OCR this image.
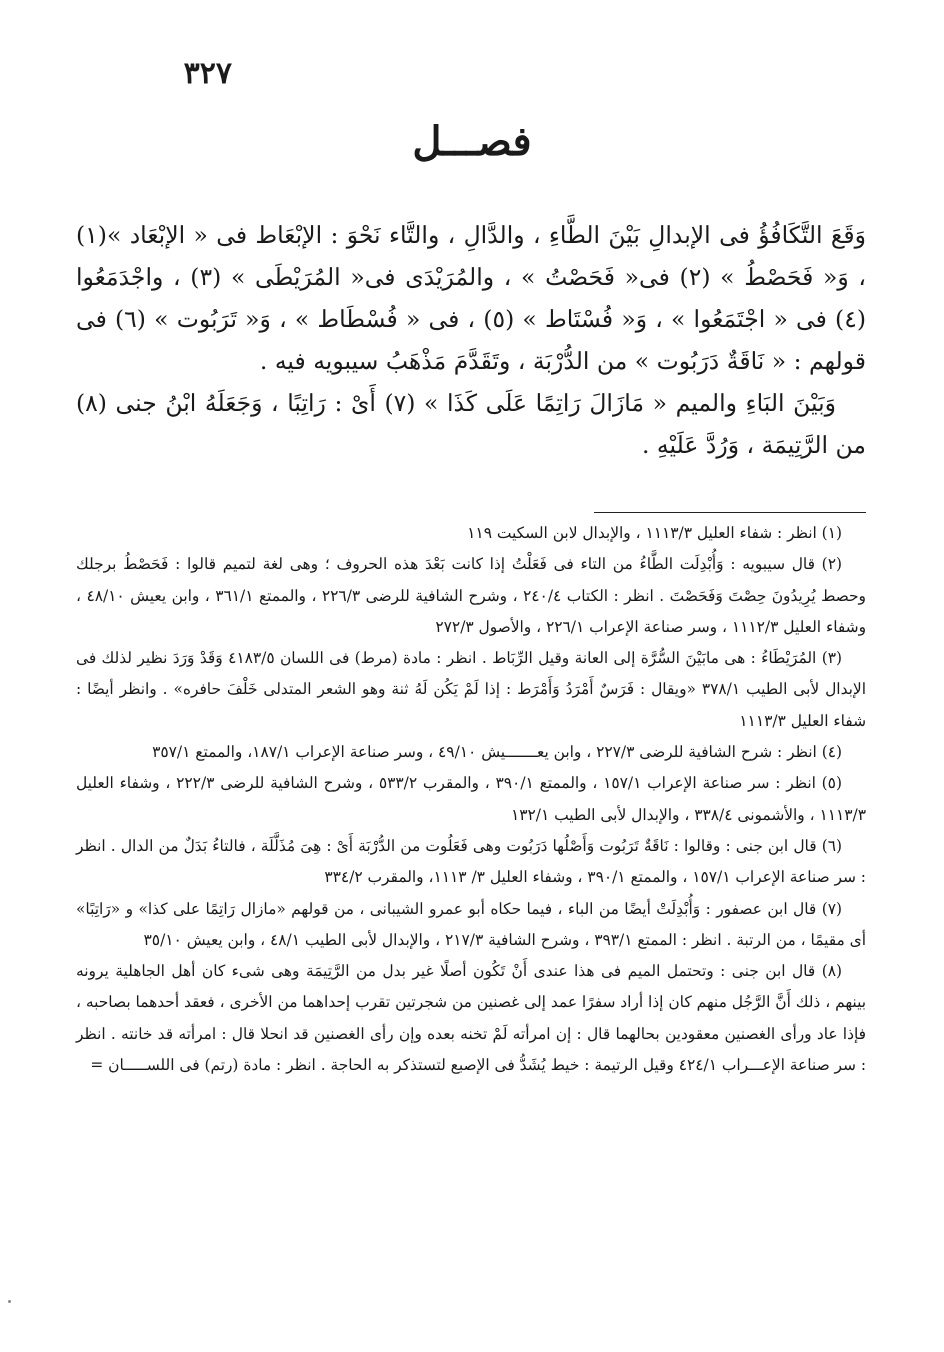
٣٢٧
فصـــل

وَقَعَ التَّكَافُؤُ فى الإبدالِ بَيْنَ الطَّاءِ ، والدَّالِ ، والتَّاء نَحْوَ : الإبْعَاط فى « الإبْعَاد »(١) ، وَ« فَحَصْطُ » (٢) فى« فَحَصْتُ » ، والمُرَيْدَى فى« المُرَيْطَى » (٣) ، واجْدَمَعُوا (٤) فى « اجْتَمَعُوا » ، وَ« فُسْتَاط » (٥) ، فى « فُسْطَاط » ، وَ« تَرَبُوت » (٦) فى قولهم : « نَاقَةٌ دَرَبُوت » من الدُّرْبَة ، وتَقَدَّمَ مَذْهَبُ سيبويه فيه .

وَبَيْنَ البَاءِ والميم « مَازَالَ رَاتِمًا عَلَى كَذَا » (٧) أَىْ : رَاتِبًا ، وَجَعَلَهُ ابْنُ جنى (٨) من الرَّتِيمَة ، وَرُدَّ عَلَيْهِ .

(١) انظر : شفاء العليل ١١١٣/٣ ، والإبدال لابن السكيت ١١٩

(٢) قال سيبويه : وَأُبْدِلَت الطَّاءُ من التاء فى فَعَلْتُ إذا كانت بَعْدَ هذه الحروف ؛ وهى لغة لتميم قالوا : فَحَصْطُ برجلك وحصط يُرِيدُونَ حِصْتَ وَفَحَصْتَ . انظر : الكتاب ٢٤٠/٤ ، وشرح الشافية للرضى ٢٢٦/٣ ، والممتع ٣٦١/١ ، وابن يعيش ٤٨/١٠ ، وشفاء العليل ١١١٢/٣ ، وسر صناعة الإعراب ٢٢٦/١ ، والأصول ٢٧٢/٣

(٣) المُرَيْطَاءُ : هى مابَيْنَ السُّرَّة إلى العانة وقيل الرِّبَاط . انظر : مادة (مرط) فى اللسان ٤١٨٣/٥ وَقَدْ وَرَدَ نظير لذلك فى الإبدال لأبى الطيب ٣٧٨/١ «ويقال : فَرَسٌ أَمْرَدُ وَأَمْرَط : إذا لَمْ يَكُن لَهُ ثنة وهو الشعر المتدلى خَلْفَ حافره» . وانظر أيضًا : شفاء العليل ١١١٣/٣

(٤) انظر : شرح الشافية للرضى ٢٢٧/٣ ، وابن يعـــــــيش ٤٩/١٠ ، وسر صناعة الإعراب ١٨٧/١، والممتع ٣٥٧/١

(٥) انظر : سر صناعة الإعراب ١٥٧/١ ، والممتع ٣٩٠/١ ، والمقرب ٥٣٣/٢ ، وشرح الشافية للرضى ٢٢٢/٣ ، وشفاء العليل ١١١٣/٣ ، والأشمونى ٣٣٨/٤ ، والإبدال لأبى الطيب ١٣٢/١

(٦) قال ابن جنى : وقالوا : نَاقَةٌ تَرَبُوت وَأَصْلُها دَرَبُوت وهى فَعَلُوت من الدُّرْبَة أَىْ : هِىَ مُذَلَّلَة ، فالتاءُ بَدَلٌ من الدال . انظر : سر صناعة الإعراب ١٥٧/١ ، والممتع ٣٩٠/١ ، وشفاء العليل ٣/ ١١١٣، والمقرب ٣٣٤/٢

(٧) قال ابن عصفور : وَأُبْدِلَتْ أيضًا من الباء ، فيما حكاه أبو عمرو الشيبانى ، من قولهم «مازال رَاتِمًا على كذا» و «رَاتِبًا» أى مقيمًا ، من الرتبة . انظر : الممتع ٣٩٣/١ ، وشرح الشافية ٢١٧/٣ ، والإبدال لأبى الطيب ٤٨/١ ، وابن يعيش ٣٥/١٠

(٨) قال ابن جنى : وتحتمل الميم فى هذا عندى أَنْ تَكُون أصلًا غير بدل من الرَّتِيمَة وهى شىء كان أهل الجاهلية يرونه بينهم ، ذلك أَنَّ الرَّجُل منهم كان إذا أراد سفرًا عمد إلى غصنين من شجرتين تقرب إحداهما من الأخرى ، فعقد أحدهما بصاحبه ، فإذا عاد ورأى الغصنين معقودين بحالهما قال : إن امرأته لَمْ تخنه بعده وإن رأى الغصنين قد انحلا قال : امرأته قد خانته . انظر : سر صناعة الإعـــراب ٤٢٤/١ وقيل الرتيمة : خيط يُشَدُّ فى الإصبع لتستذكر به الحاجة . انظر : مادة (رتم) فى اللســـــان =
